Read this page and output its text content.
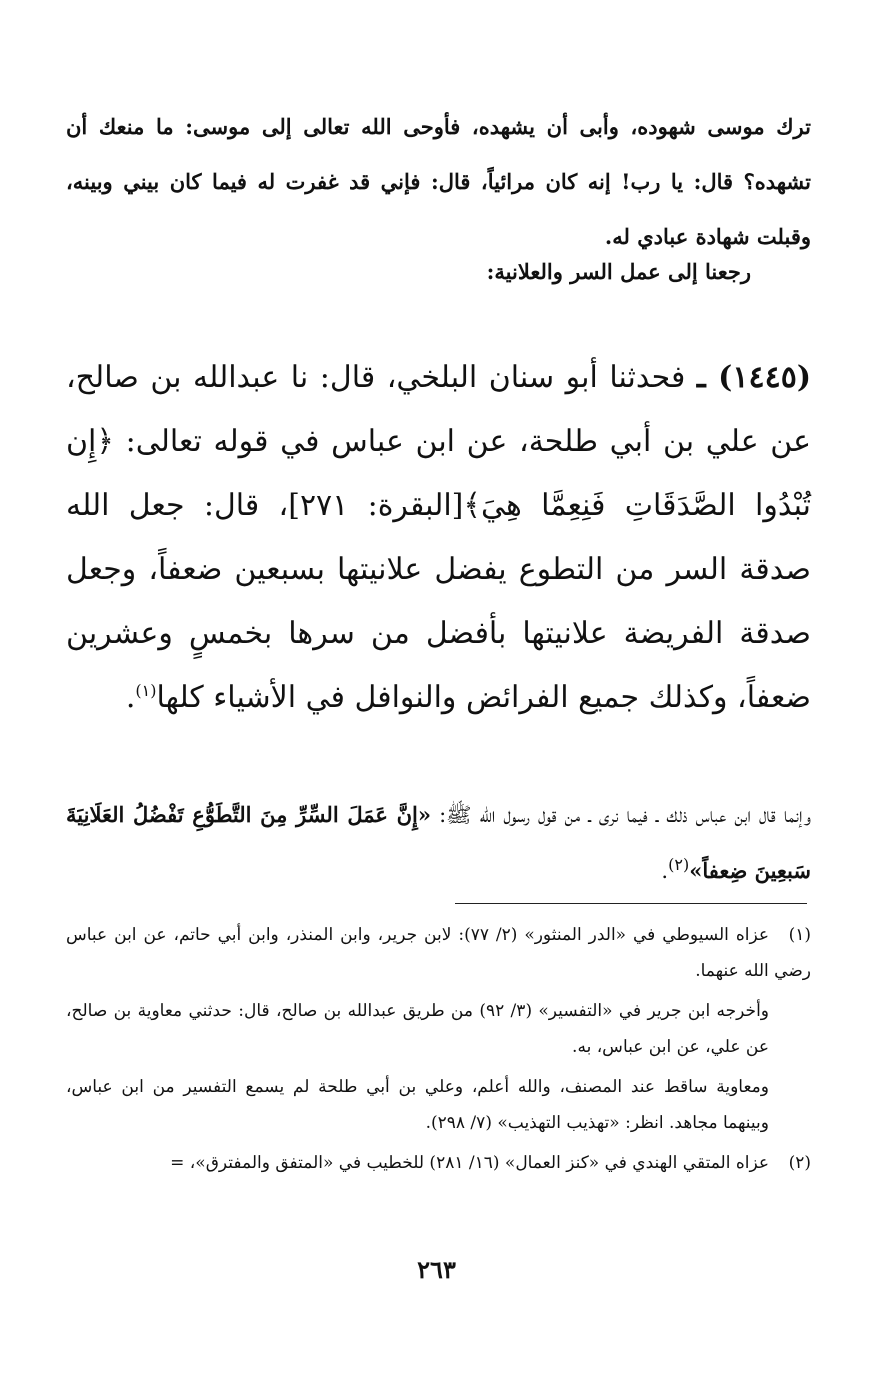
ترك موسى شهوده، وأبى أن يشهده، فأوحى الله تعالى إلى موسى: ما منعك أن تشهده؟ قال: يا رب! إنه كان مرائياً، قال: فإني قد غفرت له فيما كان بيني وبينه، وقبلت شهادة عبادي له.

رجعنا إلى عمل السر والعلانية:

(١٤٤٥) ـ فحدثنا أبو سنان البلخي، قال: نا عبدالله بن صالح، عن علي بن أبي طلحة، عن ابن عباس في قوله تعالى: ﴿إِن تُبْدُوا الصَّدَقَاتِ فَنِعِمَّا هِيَ﴾[البقرة: ٢٧١]، قال: جعل الله صدقة السر من التطوع يفضل علانيتها بسبعين ضعفاً، وجعل صدقة الفريضة علانيتها بأفضل من سرها بخمسٍ وعشرين ضعفاً، وكذلك جميع الفرائض والنوافل في الأشياء كلها$^{(١)}$.

وإنما قال ابن عباس ذلك ـ فيما نرى ـ من قول رسول الله ﷺ: «إِنَّ عَمَلَ السِّرِّ مِنَ التَّطَوُّعِ تَفْضُلُ العَلَانِيَةَ سَبعِينَ ضِعفاً»$^{(٢)}$.

(١)عزاه السيوطي في «الدر المنثور» (٢/ ٧٧): لابن جرير، وابن المنذر، وابن أبي حاتم، عن ابن عباس رضي الله عنهما.

وأخرجه ابن جرير في «التفسير» (٣/ ٩٢) من طريق عبدالله بن صالح، قال: حدثني معاوية بن صالح، عن علي، عن ابن عباس، به.

ومعاوية ساقط عند المصنف، والله أعلم، وعلي بن أبي طلحة لم يسمع التفسير من ابن عباس، وبينهما مجاهد. انظر: «تهذيب التهذيب» (٧/ ٢٩٨).

(٢)عزاه المتقي الهندي في «كنز العمال» (١٦/ ٢٨١) للخطيب في «المتفق والمفترق»، =

٢٦٣
